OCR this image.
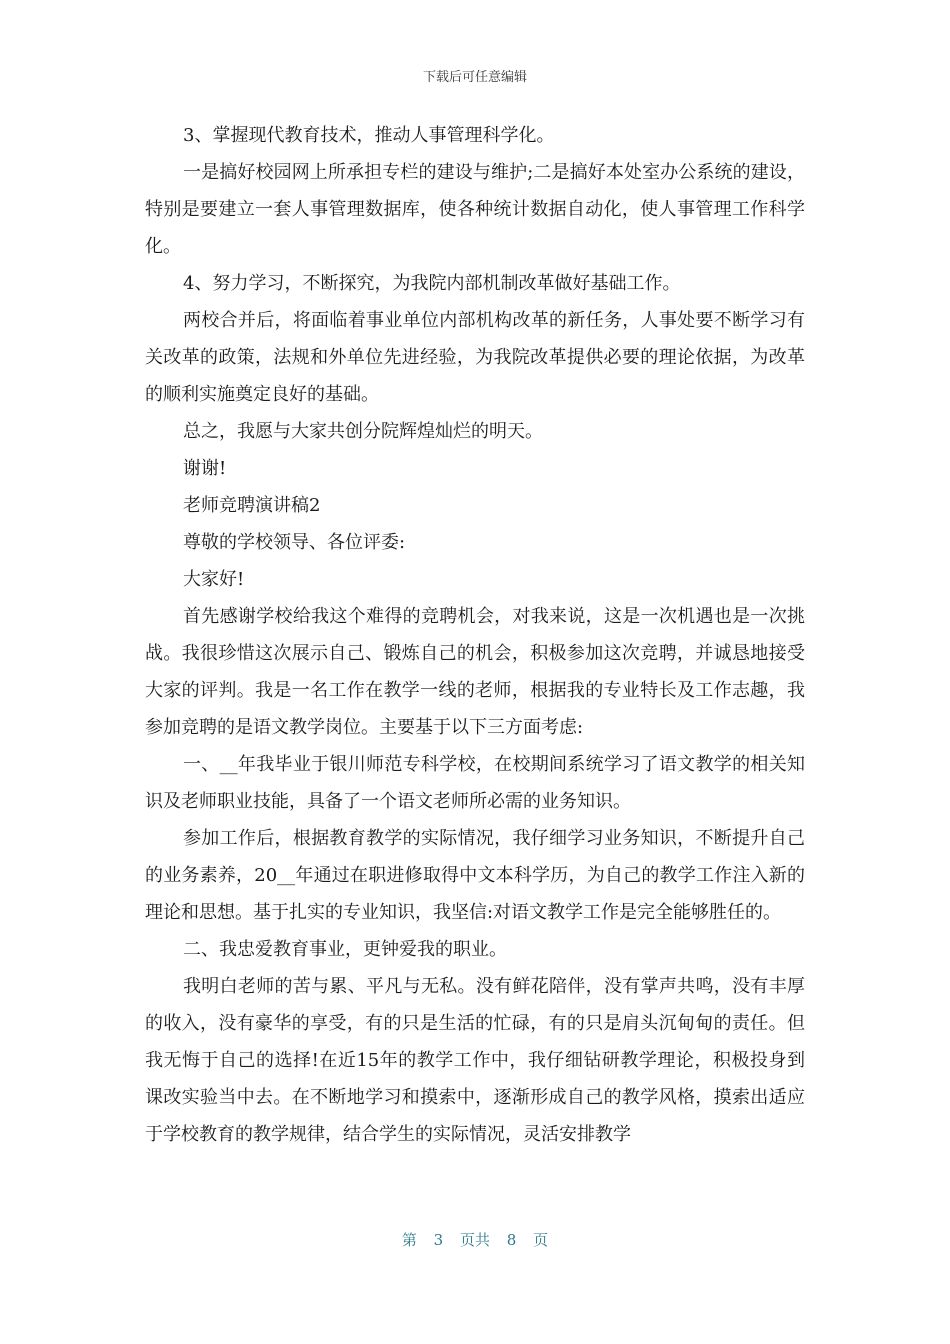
下载后可任意编辑

3、掌握现代教育技术，推动人事管理科学化。

一是搞好校园网上所承担专栏的建设与维护;二是搞好本处室办公系统的建设，特别是要建立一套人事管理数据库，使各种统计数据自动化，使人事管理工作科学化。

4、努力学习，不断探究，为我院内部机制改革做好基础工作。

两校合并后，将面临着事业单位内部机构改革的新任务，人事处要不断学习有关改革的政策，法规和外单位先进经验，为我院改革提供必要的理论依据，为改革的顺利实施奠定良好的基础。

总之，我愿与大家共创分院辉煌灿烂的明天。

谢谢!

老师竞聘演讲稿2

尊敬的学校领导、各位评委:

大家好!

首先感谢学校给我这个难得的竞聘机会，对我来说，这是一次机遇也是一次挑战。我很珍惜这次展示自己、锻炼自己的机会，积极参加这次竞聘，并诚恳地接受大家的评判。我是一名工作在教学一线的老师，根据我的专业特长及工作志趣，我参加竞聘的是语文教学岗位。主要基于以下三方面考虑:

一、__年我毕业于银川师范专科学校，在校期间系统学习了语文教学的相关知识及老师职业技能，具备了一个语文老师所必需的业务知识。

参加工作后，根据教育教学的实际情况，我仔细学习业务知识，不断提升自己的业务素养，20__年通过在职进修取得中文本科学历，为自己的教学工作注入新的理论和思想。基于扎实的专业知识，我坚信:对语文教学工作是完全能够胜任的。

二、我忠爱教育事业，更钟爱我的职业。

我明白老师的苦与累、平凡与无私。没有鲜花陪伴，没有掌声共鸣，没有丰厚的收入，没有豪华的享受，有的只是生活的忙碌，有的只是肩头沉甸甸的责任。但我无悔于自己的选择!在近15年的教学工作中，我仔细钻研教学理论，积极投身到课改实验当中去。在不断地学习和摸索中，逐渐形成自己的教学风格，摸索出适应于学校教育的教学规律，结合学生的实际情况，灵活安排教学

第 3 页共 8 页
